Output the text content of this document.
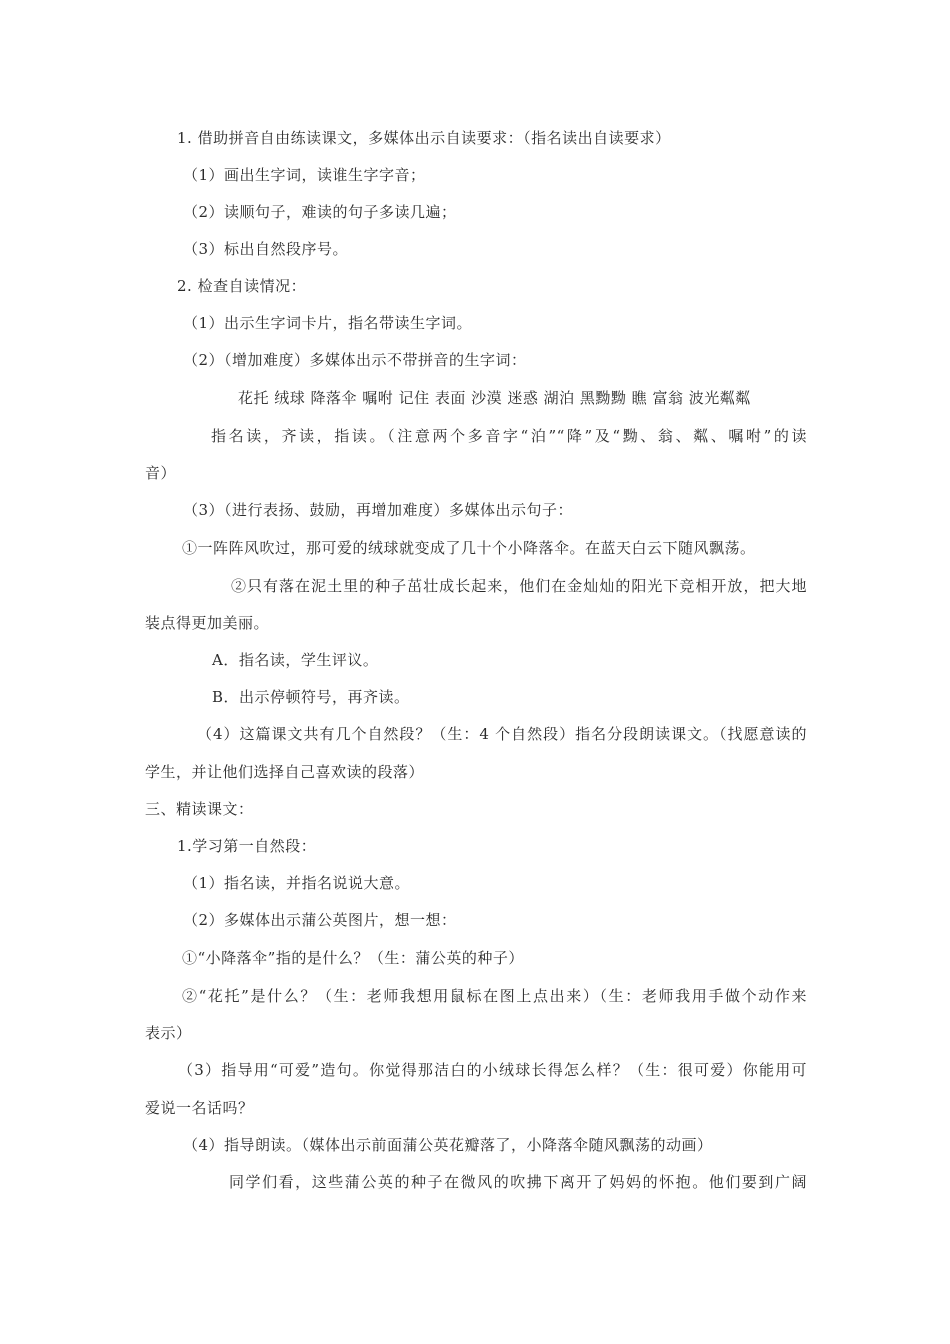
1. 借助拼音自由练读课文，多媒体出示自读要求：（指名读出自读要求）
（1）画出生字词，读谁生字字音；
（2）读顺句子，难读的句子多读几遍；
（3）标出自然段序号。
2. 检查自读情况：
（1）出示生字词卡片，指名带读生字词。
（2）（增加难度）多媒体出示不带拼音的生字词：
花托 绒球 降落伞 嘱咐 记住 表面 沙漠 迷惑 湖泊 黑黝黝 瞧 富翁 波光粼粼
指名读，齐读，指读。（注意两个多音字“泊”“降”及“黝、翁、粼、嘱咐”的读
音）
（3）（进行表扬、鼓励，再增加难度）多媒体出示句子：
①一阵阵风吹过，那可爱的绒球就变成了几十个小降落伞。在蓝天白云下随风飘荡。
②只有落在泥土里的种子茁壮成长起来，他们在金灿灿的阳光下竞相开放，把大地
装点得更加美丽。
A．指名读，学生评议。
B．出示停顿符号，再齐读。
（4）这篇课文共有几个自然段？（生：4 个自然段）指名分段朗读课文。（找愿意读的
学生，并让他们选择自己喜欢读的段落）
三、精读课文：
1.学习第一自然段：
（1）指名读，并指名说说大意。
（2）多媒体出示蒲公英图片，想一想：
①“小降落伞”指的是什么？（生：蒲公英的种子）
②“花托”是什么？（生：老师我想用鼠标在图上点出来）（生：老师我用手做个动作来
表示）
（3）指导用“可爱”造句。你觉得那洁白的小绒球长得怎么样？（生：很可爱）你能用可
爱说一名话吗？
（4）指导朗读。（媒体出示前面蒲公英花瓣落了，小降落伞随风飘荡的动画）
同学们看，这些蒲公英的种子在微风的吹拂下离开了妈妈的怀抱。他们要到广阔
